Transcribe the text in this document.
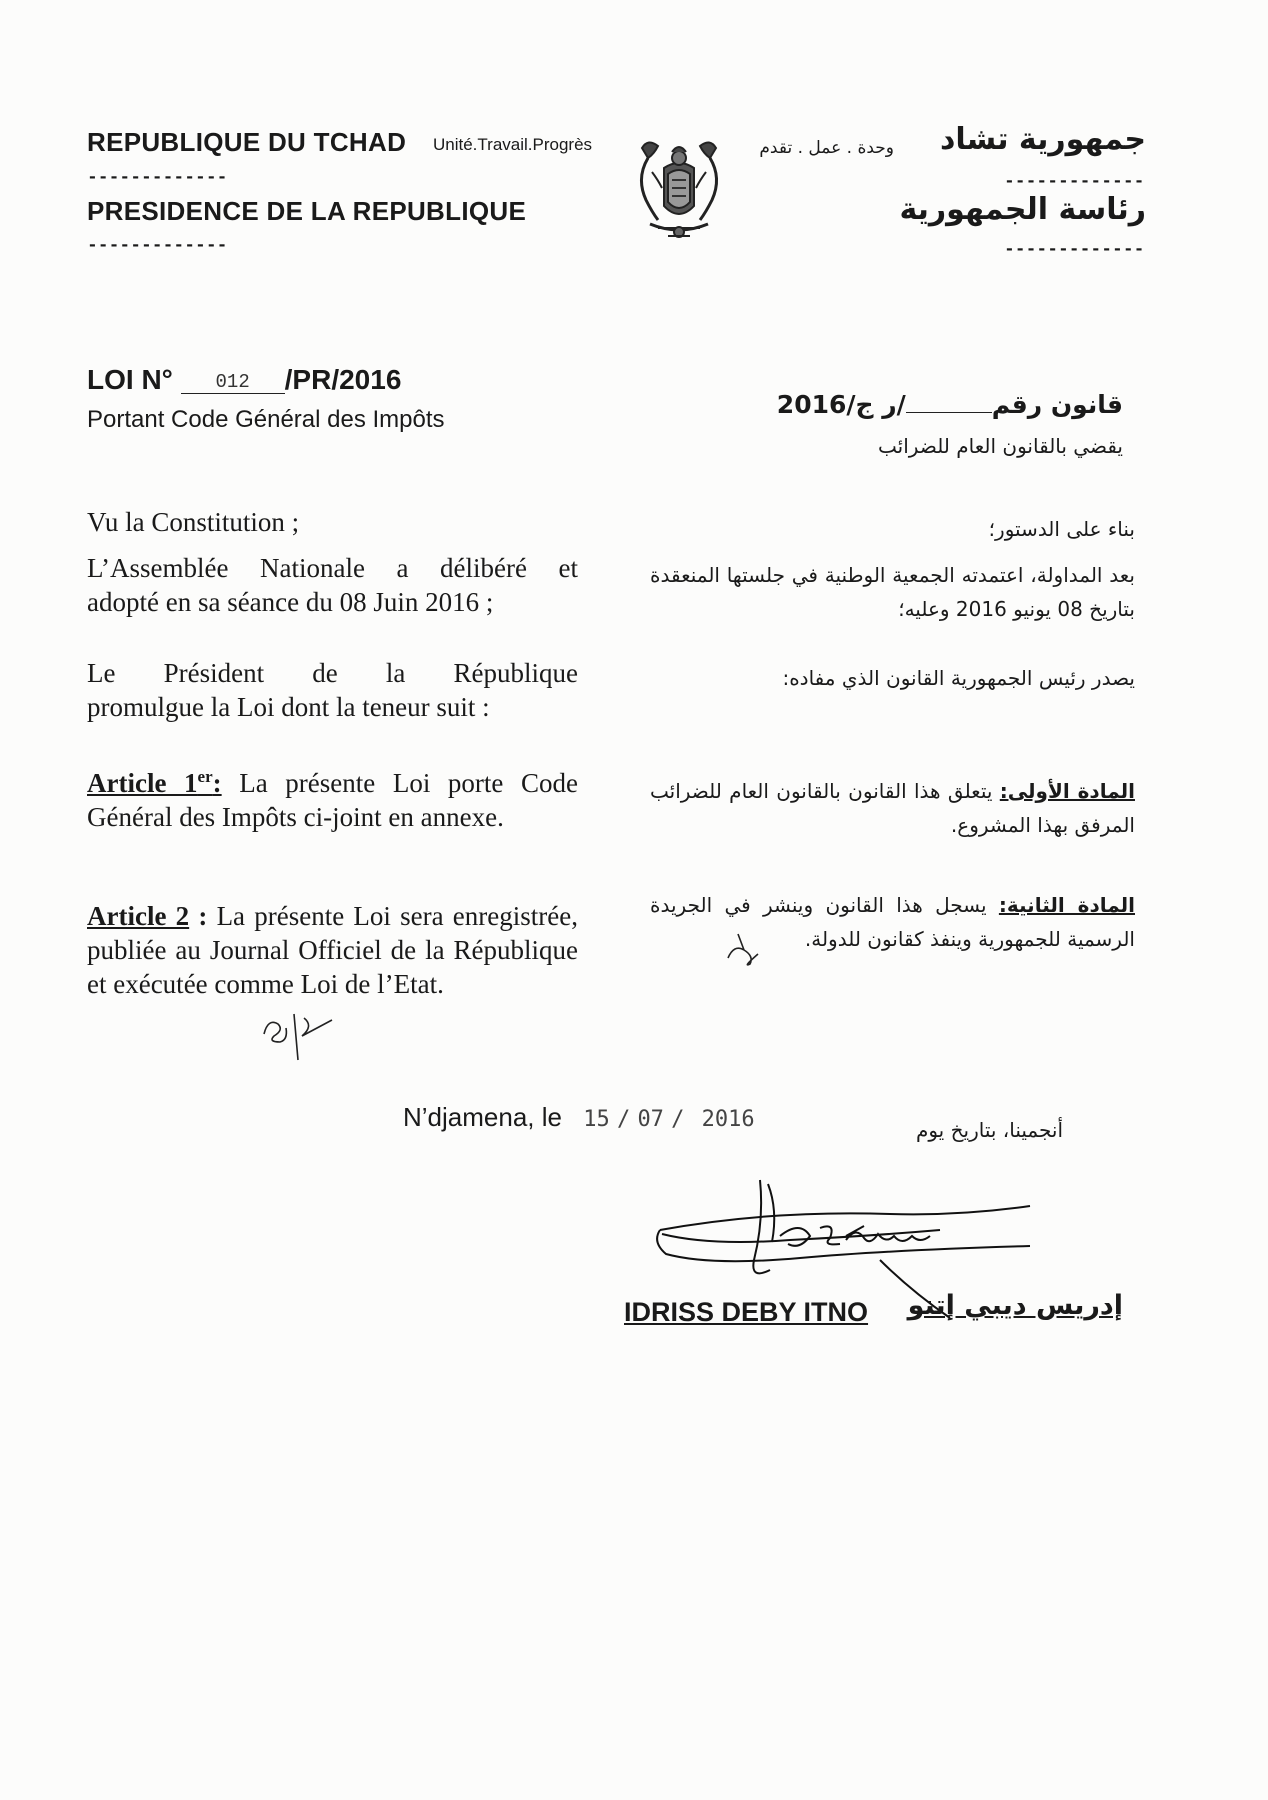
REPUBLIQUE DU TCHAD Unité.Travail.Progrès
-------------
PRESIDENCE DE LA REPUBLIQUE
-------------
جمهورية تشاد
وحدة . عمل . تقدم
-------------
رئاسة الجمهورية
-------------
LOI N° 012 /PR/2016
Portant Code Général des Impôts
قانون رقم/ر ج/2016
يقضي بالقانون العام للضرائب

Vu la Constitution ;

L’Assemblée Nationale a délibéré et
adopté en sa séance du 08 Juin 2016 ;
Le Président de la République
promulgue la Loi dont la teneur suit :

Article 1er: La présente Loi porte Code Général des Impôts ci-joint en annexe.

Article 2 : La présente Loi sera enregistrée, publiée au Journal Officiel de la République et exécutée comme Loi de l’Etat.

بناء على الدستور؛

بعد المداولة، اعتمدته الجمعية الوطنية في جلستها المنعقدة بتاريخ 08 يونيو 2016 وعليه؛

يصدر رئيس الجمهورية القانون الذي مفاده:

المادة الأولى: يتعلق هذا القانون بالقانون العام للضرائب المرفق بهذا المشروع.

المادة الثانية: يسجل هذا القانون وينشر في الجريدة الرسمية للجمهورية وينفذ كقانون للدولة.

N’djamena, le 15 / 07 / 2016	أنجمينا، بتاريخ يوم
IDRISS DEBY ITNO إدريس ديبي إتنو
